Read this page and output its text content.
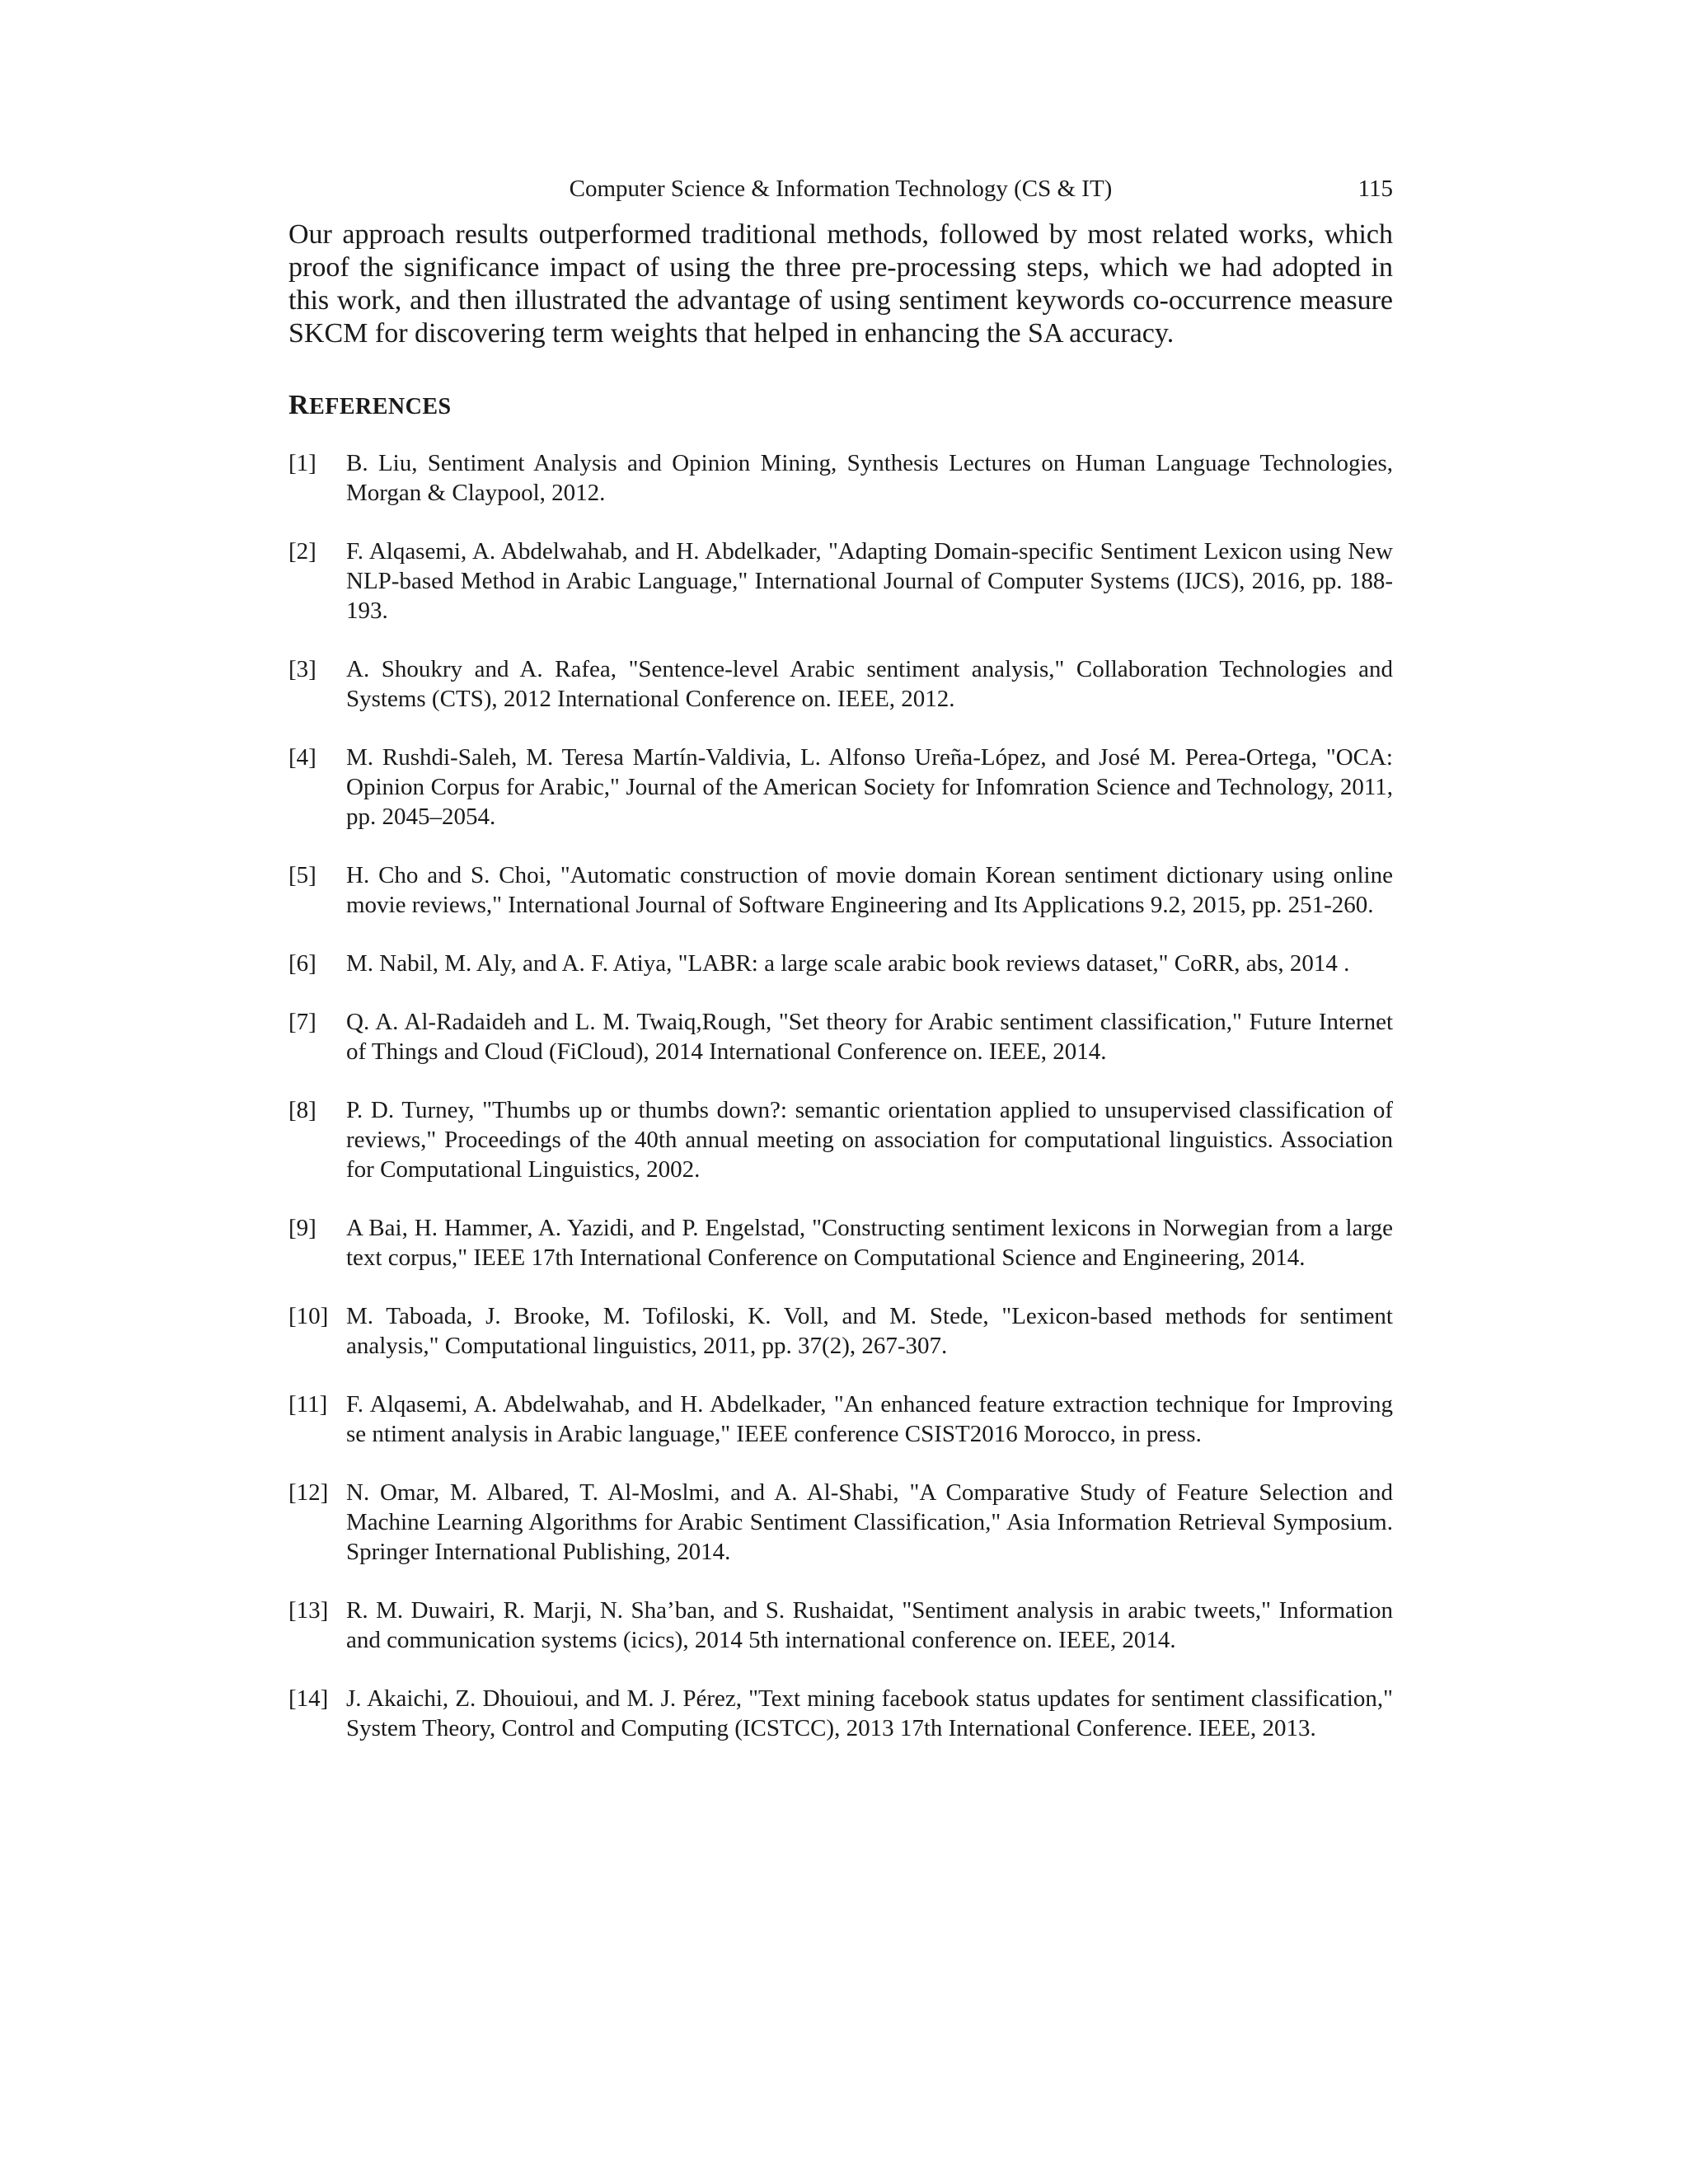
Computer Science & Information Technology (CS & IT)	115

Our approach results outperformed traditional methods, followed by most related works, which proof the significance impact of using the three pre-processing steps, which we had adopted in this work, and then illustrated the advantage of using sentiment keywords co-occurrence measure SKCM for discovering term weights that helped in enhancing the SA accuracy.

REFERENCES
[1]	B. Liu, Sentiment Analysis and Opinion Mining, Synthesis Lectures on Human Language Technologies, Morgan & Claypool, 2012.
[2]	F. Alqasemi, A. Abdelwahab, and H. Abdelkader, "Adapting Domain-specific Sentiment Lexicon using New NLP-based Method in Arabic Language," International Journal of Computer Systems (IJCS), 2016, pp. 188-193.
[3]	A. Shoukry and A. Rafea, "Sentence-level Arabic sentiment analysis," Collaboration Technologies and Systems (CTS), 2012 International Conference on. IEEE, 2012.
[4]	M. Rushdi-Saleh, M. Teresa Martín-Valdivia, L. Alfonso Ureña-López, and José M. Perea-Ortega, "OCA: Opinion Corpus for Arabic," Journal of the American Society for Infomration Science and Technology, 2011, pp. 2045–2054.
[5]	H. Cho and S. Choi, "Automatic construction of movie domain Korean sentiment dictionary using online movie reviews," International Journal of Software Engineering and Its Applications 9.2, 2015, pp. 251-260.
[6]	M. Nabil, M. Aly, and A. F. Atiya, "LABR: a large scale arabic book reviews dataset," CoRR, abs, 2014 .
[7]	Q. A. Al-Radaideh and L. M. Twaiq,Rough, "Set theory for Arabic sentiment classification," Future Internet of Things and Cloud (FiCloud), 2014 International Conference on. IEEE, 2014.
[8]	P. D. Turney, "Thumbs up or thumbs down?: semantic orientation applied to unsupervised classification of reviews," Proceedings of the 40th annual meeting on association for computational linguistics. Association for Computational Linguistics, 2002.
[9]	A Bai, H. Hammer, A. Yazidi, and P. Engelstad, "Constructing sentiment lexicons in Norwegian from a large text corpus," IEEE 17th International Conference on Computational Science and Engineering, 2014.
[10] M. Taboada, J. Brooke, M. Tofiloski, K. Voll, and M. Stede, "Lexicon-based methods for sentiment analysis," Computational linguistics, 2011, pp. 37(2), 267-307.
[11] F. Alqasemi, A. Abdelwahab, and H. Abdelkader, "An enhanced feature extraction technique for Improving se ntiment analysis in Arabic language," IEEE conference CSIST2016 Morocco, in press.
[12] N. Omar, M. Albared, T. Al-Moslmi, and A. Al-Shabi, "A Comparative Study of Feature Selection and Machine Learning Algorithms for Arabic Sentiment Classification," Asia Information Retrieval Symposium. Springer International Publishing, 2014.
[13] R. M. Duwairi, R. Marji, N. Sha’ban, and S. Rushaidat, "Sentiment analysis in arabic tweets," Information and communication systems (icics), 2014 5th international conference on. IEEE, 2014.
[14] J. Akaichi, Z. Dhouioui, and M. J. Pérez, "Text mining facebook status updates for sentiment classification," System Theory, Control and Computing (ICSTCC), 2013 17th International Conference. IEEE, 2013.
